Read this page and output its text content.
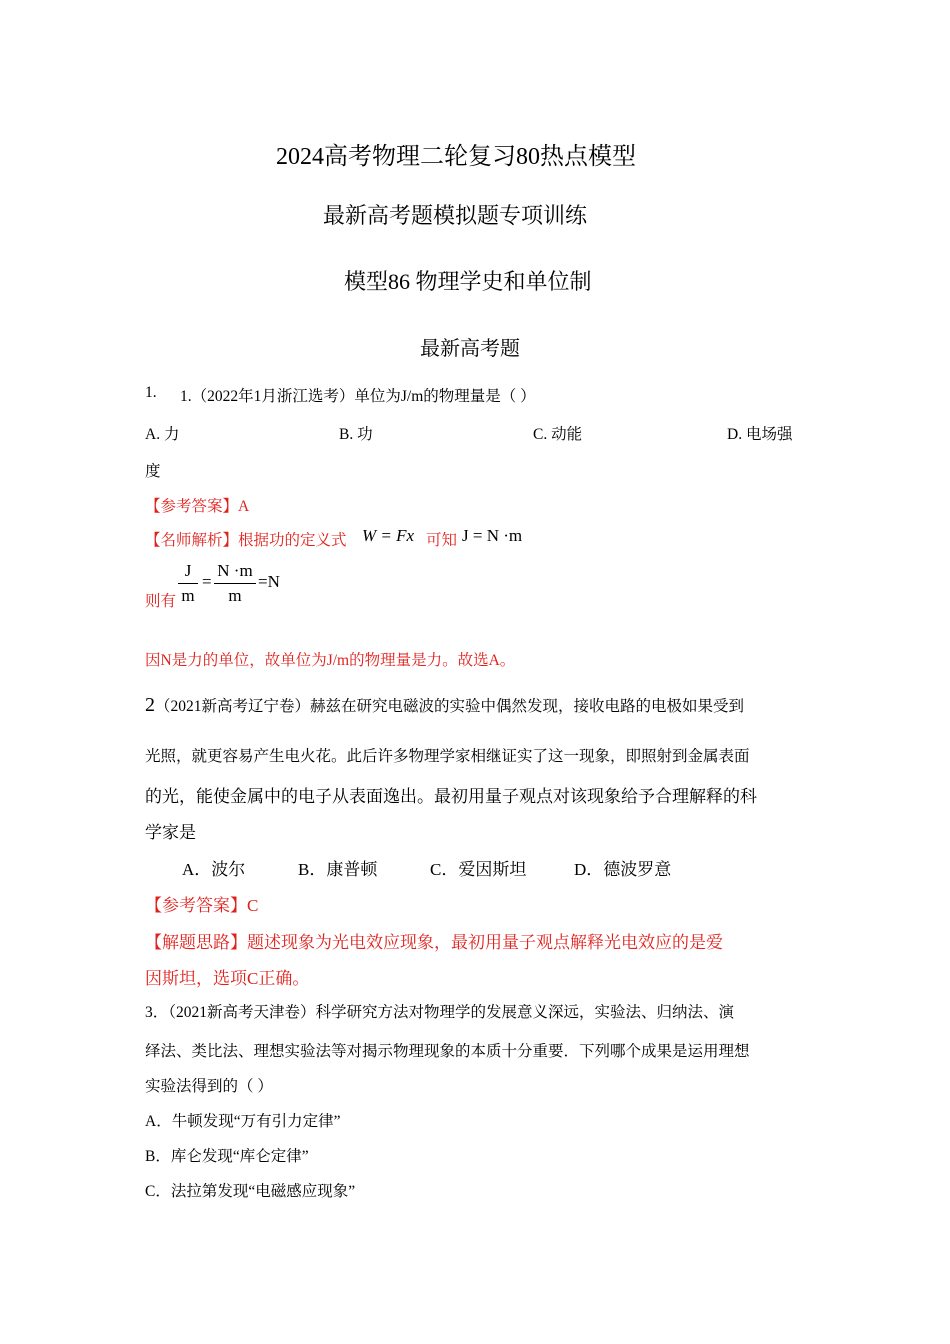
2024高考物理二轮复习80热点模型
最新高考题模拟题专项训练
模型86 物理学史和单位制
最新高考题
1. 1.（2022年1月浙江选考）单位为J/m的物理量是（ ）
A. 力	B. 功	C. 动能	D. 电场强
度
【参考答案】A
【名师解析】根据功的定义式 W = Fx 可知 J = N ·m
则有
J
m
=
N ·m
m
=N
因N是力的单位，故单位为J/m的物理量是力。故选A。
2（2021新高考辽宁卷）赫兹在研究电磁波的实验中偶然发现，接收电路的电极如果受到
光照，就更容易产生电火花。此后许多物理学家相继证实了这一现象，即照射到金属表面
的光，能使金属中的电子从表面逸出。最初用量子观点对该现象给予合理解释的科
学家是
A．波尔	B．康普顿	C．爱因斯坦	D．德波罗意
【参考答案】C
【解题思路】题述现象为光电效应现象，最初用量子观点解释光电效应的是爱
因斯坦，选项C正确。
3．（2021新高考天津卷）科学研究方法对物理学的发展意义深远，实验法、归纳法、演
绎法、类比法、理想实验法等对揭示物理现象的本质十分重要．下列哪个成果是运用理想
实验法得到的（ ）
A．牛顿发现“万有引力定律”
B．库仑发现“库仑定律”
C．法拉第发现“电磁感应现象”
